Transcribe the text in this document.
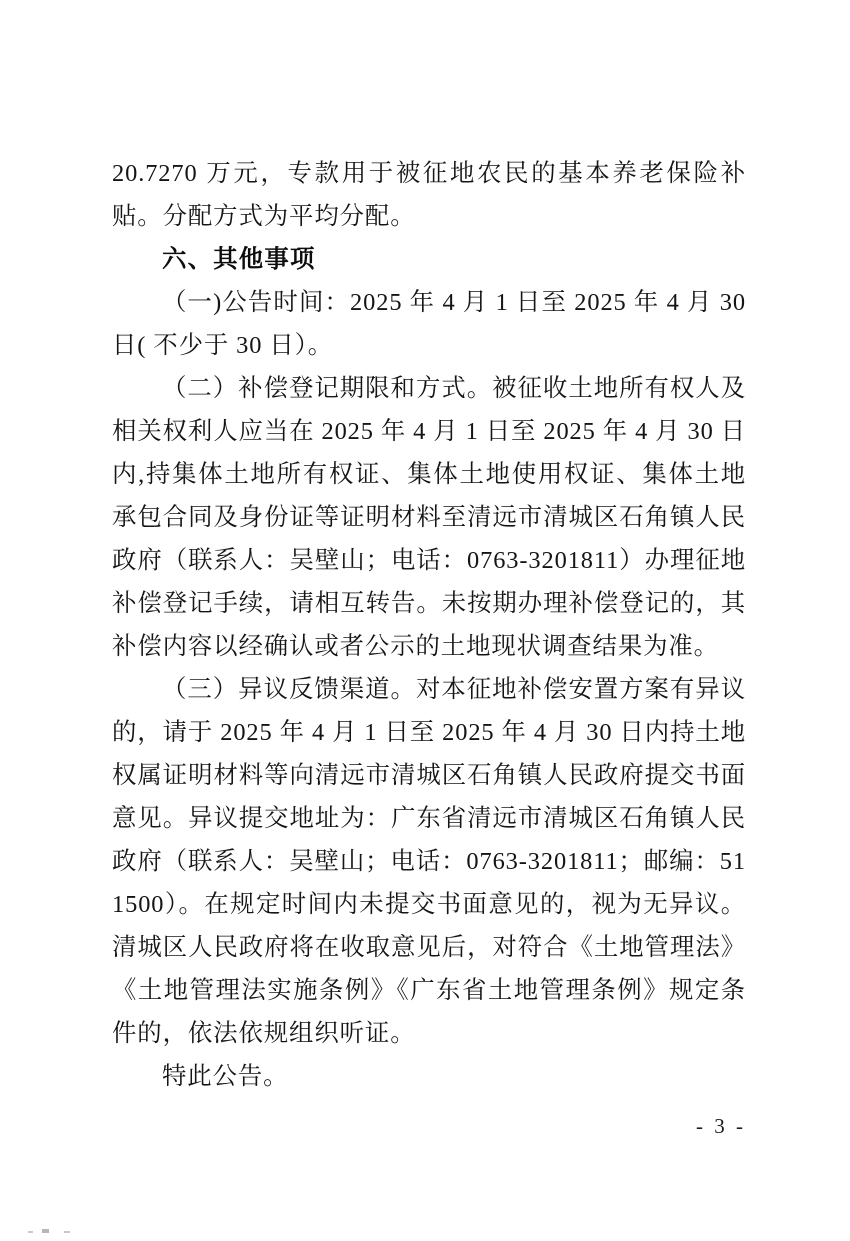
20.7270 万元，专款用于被征地农民的基本养老保险补贴。分配方式为平均分配。

六、其他事项

（一)公告时间：2025 年 4 月 1 日至 2025 年 4 月 30 日( 不少于 30 日）。

（二）补偿登记期限和方式。被征收土地所有权人及相关权利人应当在 2025 年 4 月 1 日至 2025 年 4 月 30 日内,持集体土地所有权证、集体土地使用权证、集体土地承包合同及身份证等证明材料至清远市清城区石角镇人民政府（联系人：吴壁山；电话：0763-3201811）办理征地补偿登记手续，请相互转告。未按期办理补偿登记的，其补偿内容以经确认或者公示的土地现状调查结果为准。

（三）异议反馈渠道。对本征地补偿安置方案有异议的，请于 2025 年 4 月 1 日至 2025 年 4 月 30 日内持土地权属证明材料等向清远市清城区石角镇人民政府提交书面意见。异议提交地址为：广东省清远市清城区石角镇人民政府（联系人：吴壁山；电话：0763-3201811；邮编：511500）。在规定时间内未提交书面意见的，视为无异议。清城区人民政府将在收取意见后，对符合《土地管理法》《土地管理法实施条例》《广东省土地管理条例》规定条件的，依法依规组织听证。

特此公告。

- 3 -
